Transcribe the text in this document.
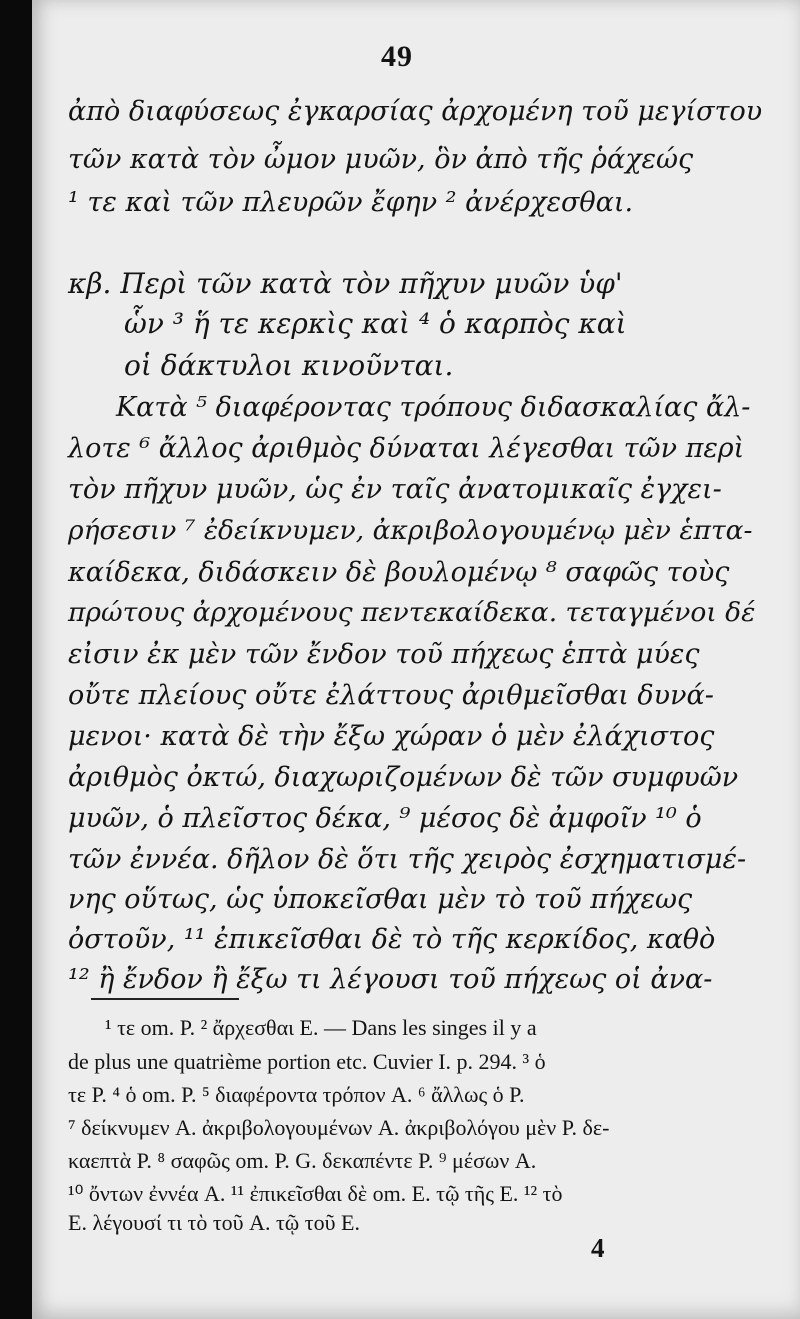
49
ἀπὸ διαφύσεως ἐγκαρσίας ἀρχομένη τοῦ μεγίστου
τῶν κατὰ τὸν ὦμον μυῶν, ὃν ἀπὸ τῆς ῥάχεώς
¹ τε καὶ τῶν πλευρῶν ἔφην ² ἀνέρχεσθαι.
κβ. Περὶ τῶν κατὰ τὸν πῆχυν μυῶν ὑφ'
ὧν ³ ἥ τε κερκὶς καὶ ⁴ ὁ καρπὸς καὶ
οἱ δάκτυλοι κινοῦνται.
Κατὰ ⁵ διαφέροντας τρόπους διδασκαλίας ἄλ-
λοτε ⁶ ἄλλος ἀριθμὸς δύναται λέγεσθαι τῶν περὶ
τὸν πῆχυν μυῶν, ὡς ἐν ταῖς ἀνατομικαῖς ἐγχει-
ρήσεσιν ⁷ ἐδείκνυμεν, ἀκριβολογουμένῳ μὲν ἑπτα-
καίδεκα, διδάσκειν δὲ βουλομένῳ ⁸ σαφῶς τοὺς
πρώτους ἀρχομένους πεντεκαίδεκα. τεταγμένοι δέ
εἰσιν ἐκ μὲν τῶν ἔνδον τοῦ πήχεως ἑπτὰ μύες
οὔτε πλείους οὔτε ἐλάττους ἀριθμεῖσθαι δυνά-
μενοι· κατὰ δὲ τὴν ἔξω χώραν ὁ μὲν ἐλάχιστος
ἀριθμὸς ὀκτώ, διαχωριζομένων δὲ τῶν συμφυῶν
μυῶν, ὁ πλεῖστος δέκα, ⁹ μέσος δὲ ἀμφοῖν ¹⁰ ὁ
τῶν ἐννέα. δῆλον δὲ ὅτι τῆς χειρὸς ἐσχηματισμέ-
νης οὕτως, ὡς ὑποκεῖσθαι μὲν τὸ τοῦ πήχεως
ὀστοῦν, ¹¹ ἐπικεῖσθαι δὲ τὸ τῆς κερκίδος, καθὸ
¹² ἢ ἔνδον ἢ ἔξω τι λέγουσι τοῦ πήχεως οἱ ἀνα-
¹ τε om. P. ² ἄρχεσθαι E. — Dans les singes il y a
de plus une quatrième portion etc. Cuvier I. p. 294. ³ ὁ
τε P. ⁴ ὁ om. P. ⁵ διαφέροντα τρόπον A. ⁶ ἄλλως ὁ P.
⁷ δείκνυμεν A. ἀκριβολογουμένων A. ἀκριβολόγου μὲν P. δε-
καεπτὰ P. ⁸ σαφῶς om. P. G. δεκαπέντε P. ⁹ μέσων A.
¹⁰ ὄντων ἐννέα A. ¹¹ ἐπικεῖσθαι δὲ om. E. τῷ τῆς E. ¹² τὸ
E. λέγουσί τι τὸ τοῦ A. τῷ τοῦ E.
4
